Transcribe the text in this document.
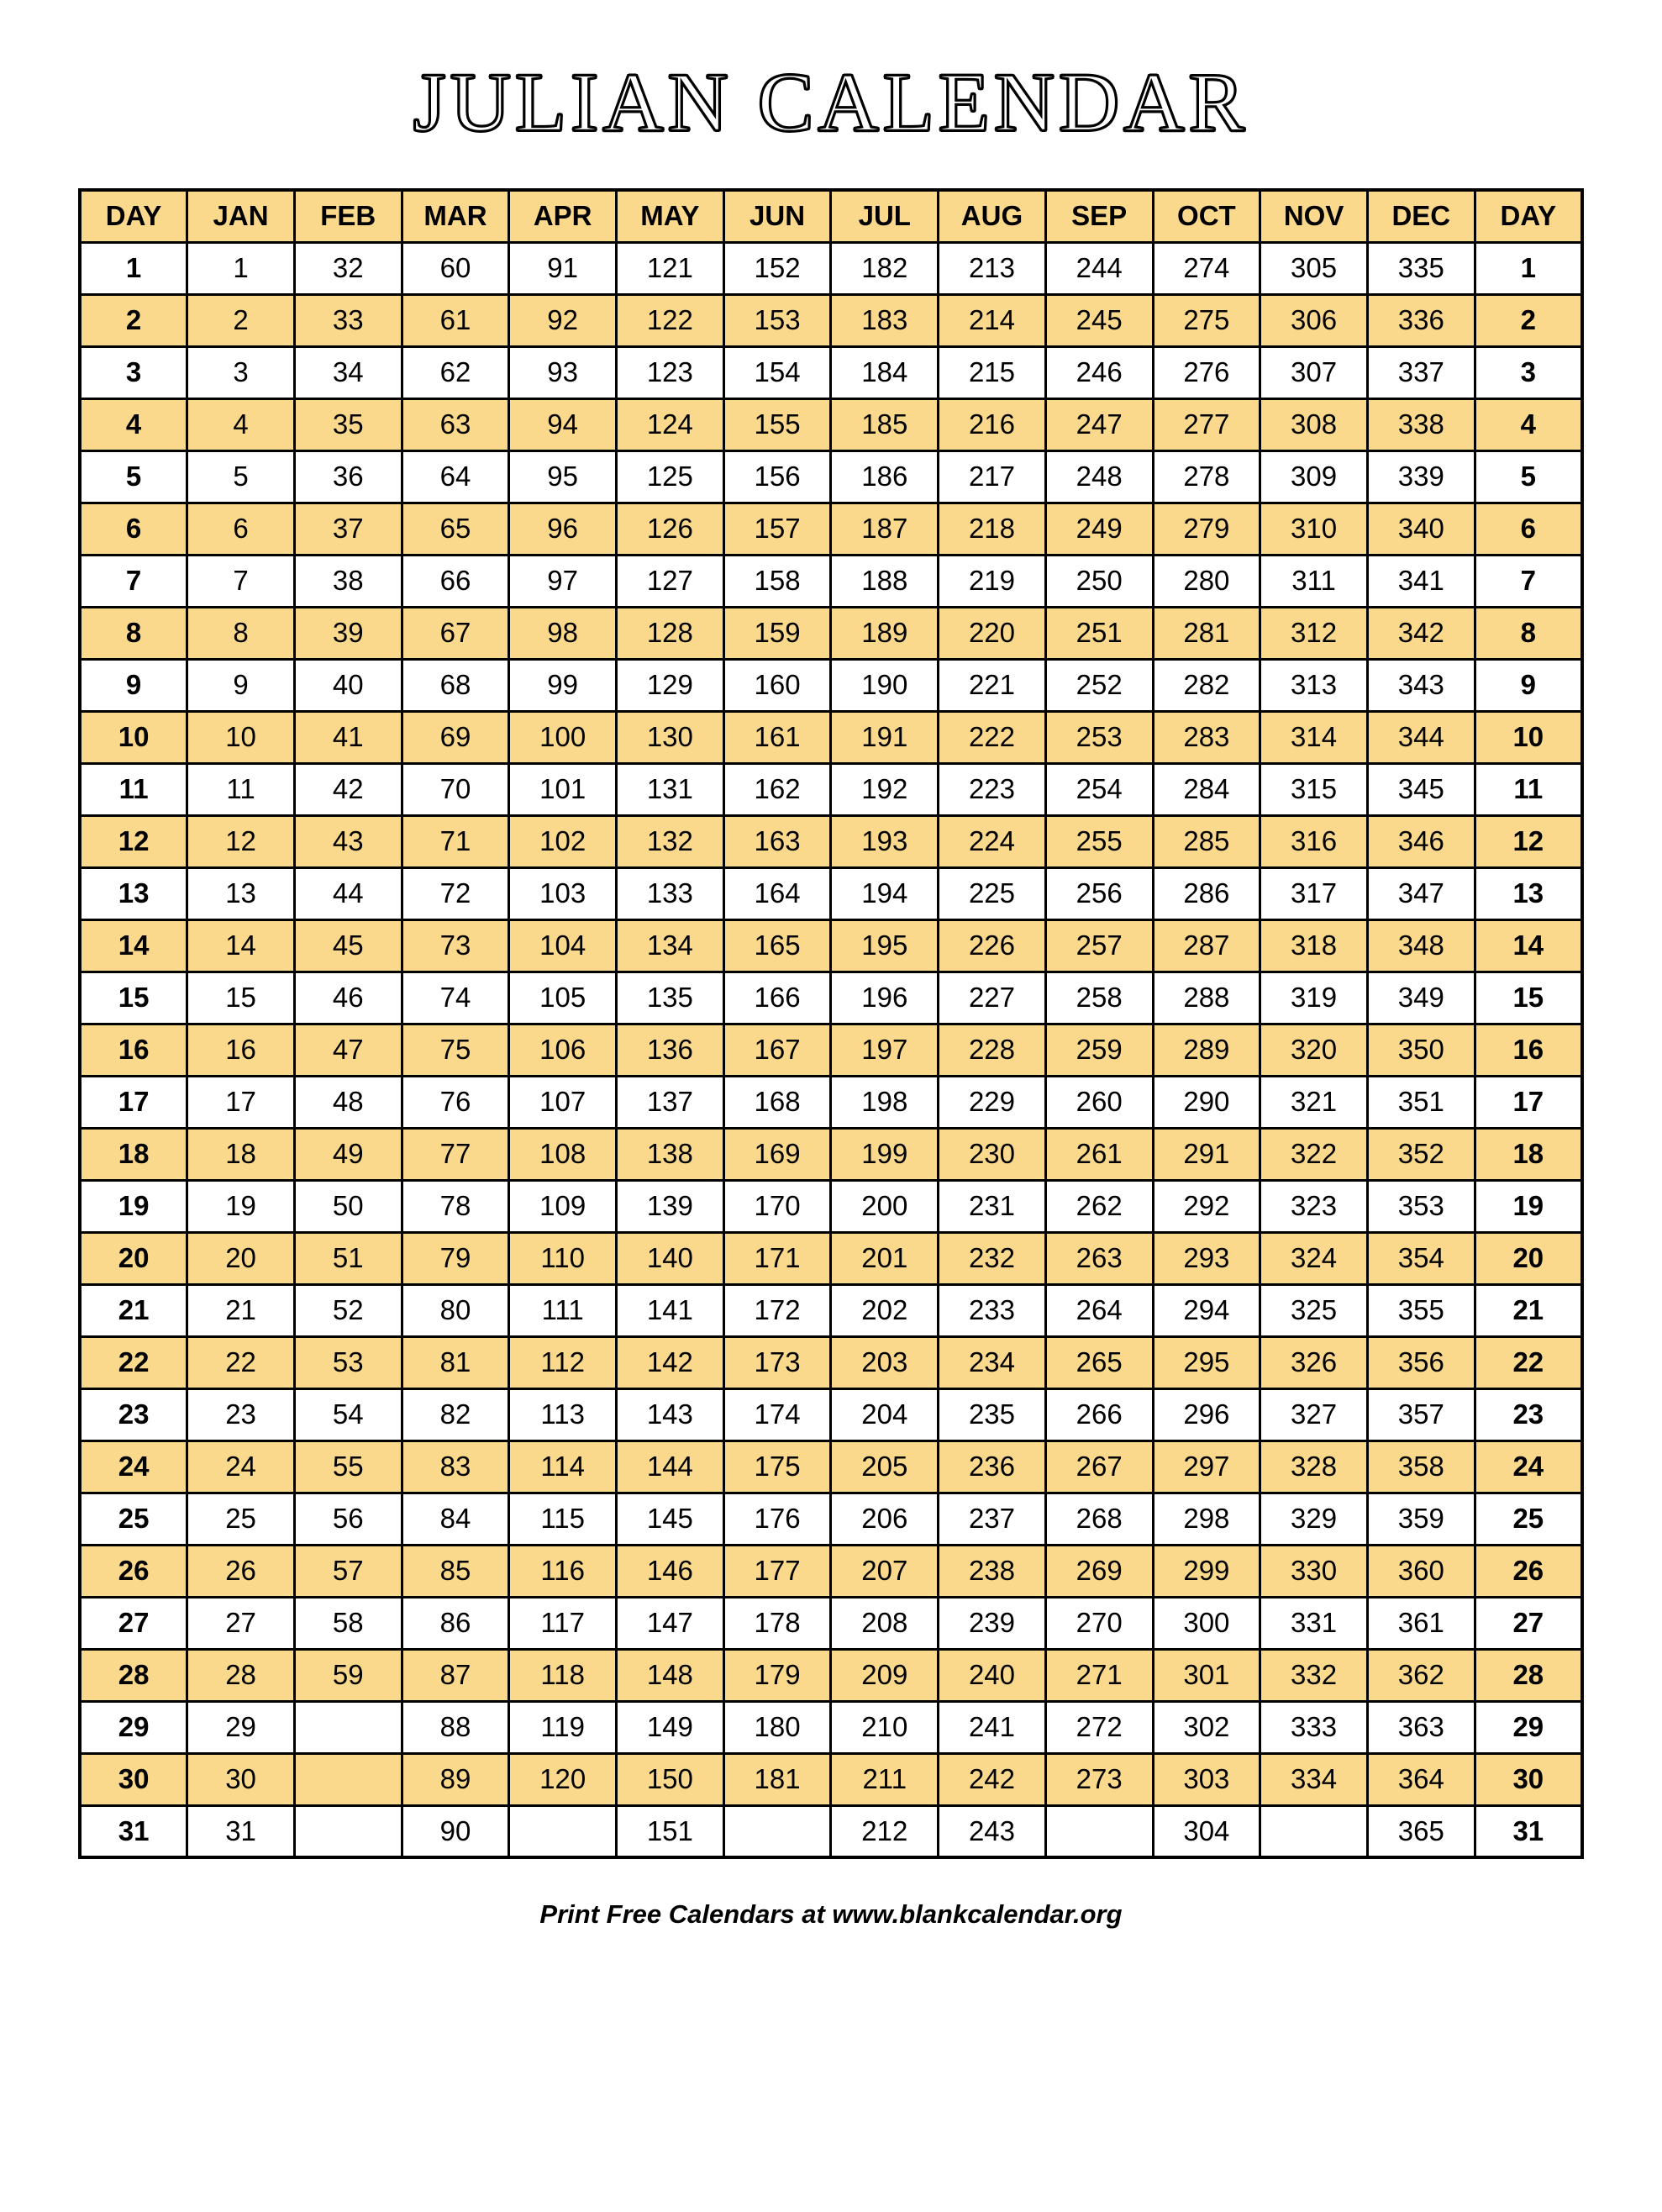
JULIAN CALENDAR
DAY	JAN	FEB	MAR	APR	MAY	JUN	JUL	AUG	SEP	OCT	NOV	DEC	DAY
1	1	32	60	91	121	152	182	213	244	274	305	335	1
2	2	33	61	92	122	153	183	214	245	275	306	336	2
3	3	34	62	93	123	154	184	215	246	276	307	337	3
4	4	35	63	94	124	155	185	216	247	277	308	338	4
5	5	36	64	95	125	156	186	217	248	278	309	339	5
6	6	37	65	96	126	157	187	218	249	279	310	340	6
7	7	38	66	97	127	158	188	219	250	280	311	341	7
8	8	39	67	98	128	159	189	220	251	281	312	342	8
9	9	40	68	99	129	160	190	221	252	282	313	343	9
10	10	41	69	100	130	161	191	222	253	283	314	344	10
11	11	42	70	101	131	162	192	223	254	284	315	345	11
12	12	43	71	102	132	163	193	224	255	285	316	346	12
13	13	44	72	103	133	164	194	225	256	286	317	347	13
14	14	45	73	104	134	165	195	226	257	287	318	348	14
15	15	46	74	105	135	166	196	227	258	288	319	349	15
16	16	47	75	106	136	167	197	228	259	289	320	350	16
17	17	48	76	107	137	168	198	229	260	290	321	351	17
18	18	49	77	108	138	169	199	230	261	291	322	352	18
19	19	50	78	109	139	170	200	231	262	292	323	353	19
20	20	51	79	110	140	171	201	232	263	293	324	354	20
21	21	52	80	111	141	172	202	233	264	294	325	355	21
22	22	53	81	112	142	173	203	234	265	295	326	356	22
23	23	54	82	113	143	174	204	235	266	296	327	357	23
24	24	55	83	114	144	175	205	236	267	297	328	358	24
25	25	56	84	115	145	176	206	237	268	298	329	359	25
26	26	57	85	116	146	177	207	238	269	299	330	360	26
27	27	58	86	117	147	178	208	239	270	300	331	361	27
28	28	59	87	118	148	179	209	240	271	301	332	362	28
29	29		88	119	149	180	210	241	272	302	333	363	29
30	30		89	120	150	181	211	242	273	303	334	364	30
31	31		90		151		212	243		304		365	31

Print Free Calendars at www.blankcalendar.org
